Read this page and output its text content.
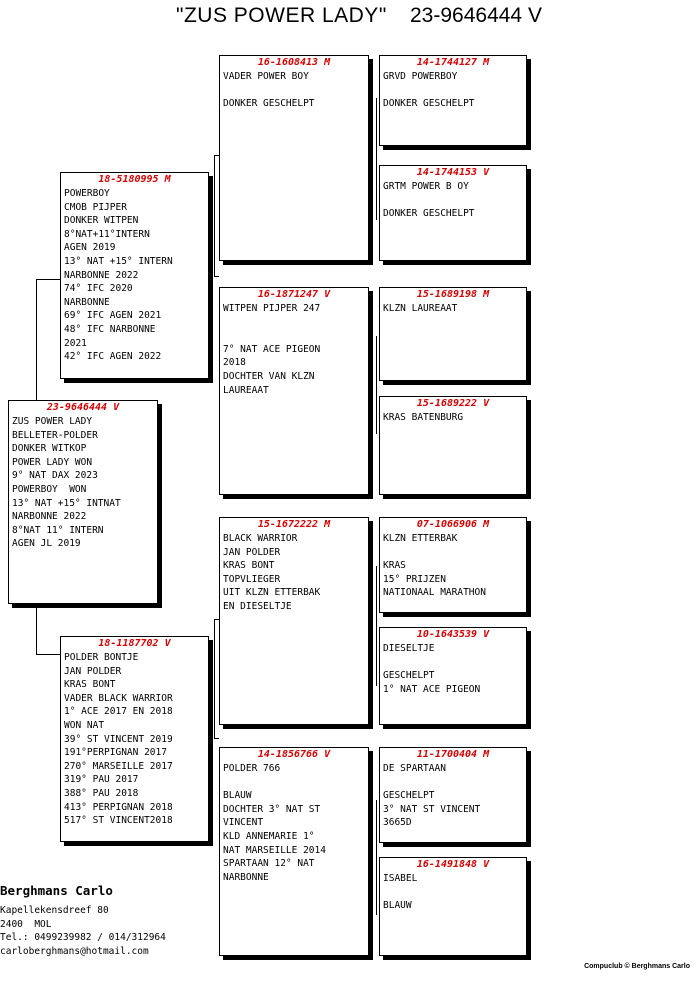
"ZUS POWER LADY" 23-9646444 V
23-9646444 V
ZUS POWER LADY
BELLETER-POLDER
DONKER WITKOP
POWER LADY WON
9° NAT DAX 2023
POWERBOY  WON
13° NAT +15° INTNAT
NARBONNE 2022
8°NAT 11° INTERN
AGEN JL 2019
18-5180995 M
POWERBOY
CMOB PIJPER
DONKER WITPEN
8°NAT+11°INTERN
AGEN 2019
13° NAT +15° INTERN
NARBONNE 2022
74° IFC 2020
NARBONNE
69° IFC AGEN 2021
48° IFC NARBONNE
2021
42° IFC AGEN 2022
18-1187702 V
POLDER BONTJE
JAN POLDER
KRAS BONT
VADER BLACK WARRIOR
1° ACE 2017 EN 2018
WON NAT
39° ST VINCENT 2019
191°PERPIGNAN 2017
270° MARSEILLE 2017
319° PAU 2017
388° PAU 2018
413° PERPIGNAN 2018
517° ST VINCENT2018
16-1608413 M
VADER POWER BOY
DONKER GESCHELPT
16-1871247 V
WITPEN PIJPER 247
7° NAT ACE PIGEON
2018
DOCHTER VAN KLZN
LAUREAAT
15-1672222 M
BLACK WARRIOR
JAN POLDER
KRAS BONT
TOPVLIEGER
UIT KLZN ETTERBAK
EN DIESELTJE
14-1856766 V
POLDER 766
BLAUW
DOCHTER 3° NAT ST
VINCENT
KLD ANNEMARIE 1°
NAT MARSEILLE 2014
SPARTAAN 12° NAT
NARBONNE
14-1744127 M
GRVD POWERBOY
DONKER GESCHELPT
14-1744153 V
GRTM POWER B OY
DONKER GESCHELPT
15-1689198 M
KLZN LAUREAAT
15-1689222 V
KRAS BATENBURG
07-1066906 M
KLZN ETTERBAK
KRAS
15° PRIJZEN
NATIONAAL MARATHON
10-1643539 V
DIESELTJE
GESCHELPT
1° NAT ACE PIGEON
11-1700404 M
DE SPARTAAN
GESCHELPT
3° NAT ST VINCENT
3665D
16-1491848 V
ISABEL
BLAUW
Berghmans Carlo
Kapellekensdreef 80
2400  MOL
Tel.: 0499239982 / 014/312964
carloberghmans@hotmail.com
Compuclub © Berghmans Carlo
